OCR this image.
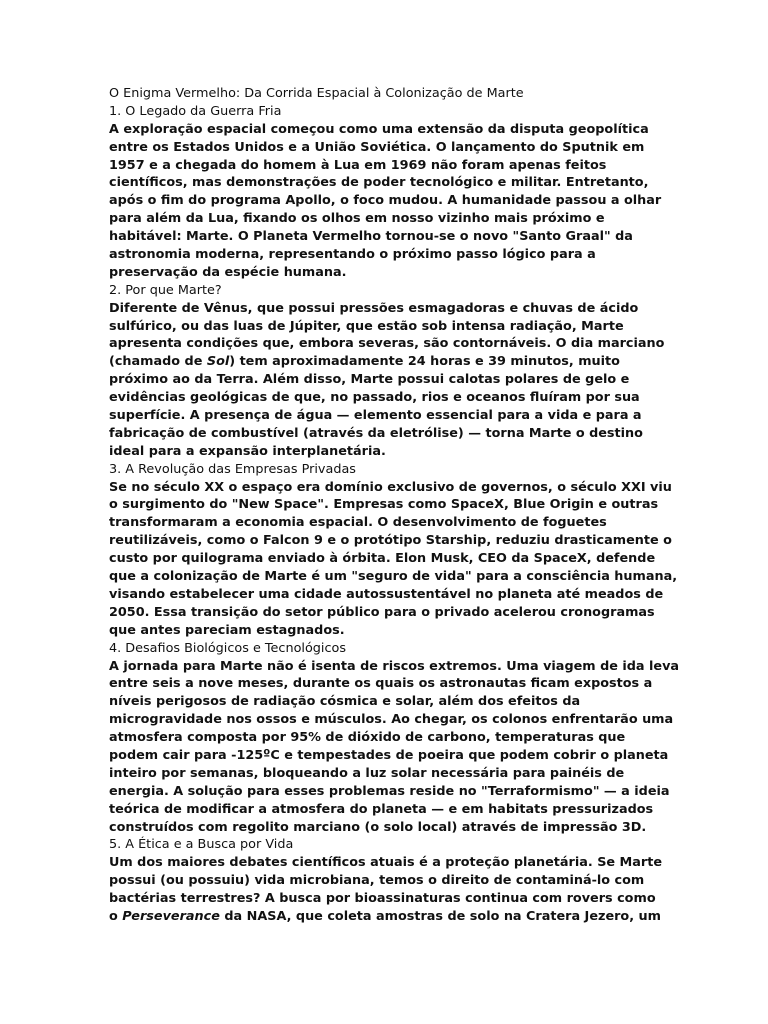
O Enigma Vermelho: Da Corrida Espacial à Colonização de Marte
1. O Legado da Guerra Fria
A exploração espacial começou como uma extensão da disputa geopolítica
entre os Estados Unidos e a União Soviética. O lançamento do Sputnik em
1957 e a chegada do homem à Lua em 1969 não foram apenas feitos
científicos, mas demonstrações de poder tecnológico e militar. Entretanto,
após o fim do programa Apollo, o foco mudou. A humanidade passou a olhar
para além da Lua, fixando os olhos em nosso vizinho mais próximo e
habitável: Marte. O Planeta Vermelho tornou-se o novo "Santo Graal" da
astronomia moderna, representando o próximo passo lógico para a
preservação da espécie humana.
2. Por que Marte?
Diferente de Vênus, que possui pressões esmagadoras e chuvas de ácido
sulfúrico, ou das luas de Júpiter, que estão sob intensa radiação, Marte
apresenta condições que, embora severas, são contornáveis. O dia marciano
(chamado de Sol) tem aproximadamente 24 horas e 39 minutos, muito
próximo ao da Terra. Além disso, Marte possui calotas polares de gelo e
evidências geológicas de que, no passado, rios e oceanos fluíram por sua
superfície. A presença de água — elemento essencial para a vida e para a
fabricação de combustível (através da eletrólise) — torna Marte o destino
ideal para a expansão interplanetária.
3. A Revolução das Empresas Privadas
Se no século XX o espaço era domínio exclusivo de governos, o século XXI viu
o surgimento do "New Space". Empresas como SpaceX, Blue Origin e outras
transformaram a economia espacial. O desenvolvimento de foguetes
reutilizáveis, como o Falcon 9 e o protótipo Starship, reduziu drasticamente o
custo por quilograma enviado à órbita. Elon Musk, CEO da SpaceX, defende
que a colonização de Marte é um "seguro de vida" para a consciência humana,
visando estabelecer uma cidade autossustentável no planeta até meados de
2050. Essa transição do setor público para o privado acelerou cronogramas
que antes pareciam estagnados.
4. Desafios Biológicos e Tecnológicos
A jornada para Marte não é isenta de riscos extremos. Uma viagem de ida leva
entre seis a nove meses, durante os quais os astronautas ficam expostos a
níveis perigosos de radiação cósmica e solar, além dos efeitos da
microgravidade nos ossos e músculos. Ao chegar, os colonos enfrentarão uma
atmosfera composta por 95% de dióxido de carbono, temperaturas que
podem cair para -125ºC e tempestades de poeira que podem cobrir o planeta
inteiro por semanas, bloqueando a luz solar necessária para painéis de
energia. A solução para esses problemas reside no "Terraformismo" — a ideia
teórica de modificar a atmosfera do planeta — e em habitats pressurizados
construídos com regolito marciano (o solo local) através de impressão 3D.
5. A Ética e a Busca por Vida
Um dos maiores debates científicos atuais é a proteção planetária. Se Marte
possui (ou possuiu) vida microbiana, temos o direito de contaminá-lo com
bactérias terrestres? A busca por bioassinaturas continua com rovers como
o Perseverance da NASA, que coleta amostras de solo na Cratera Jezero, um
